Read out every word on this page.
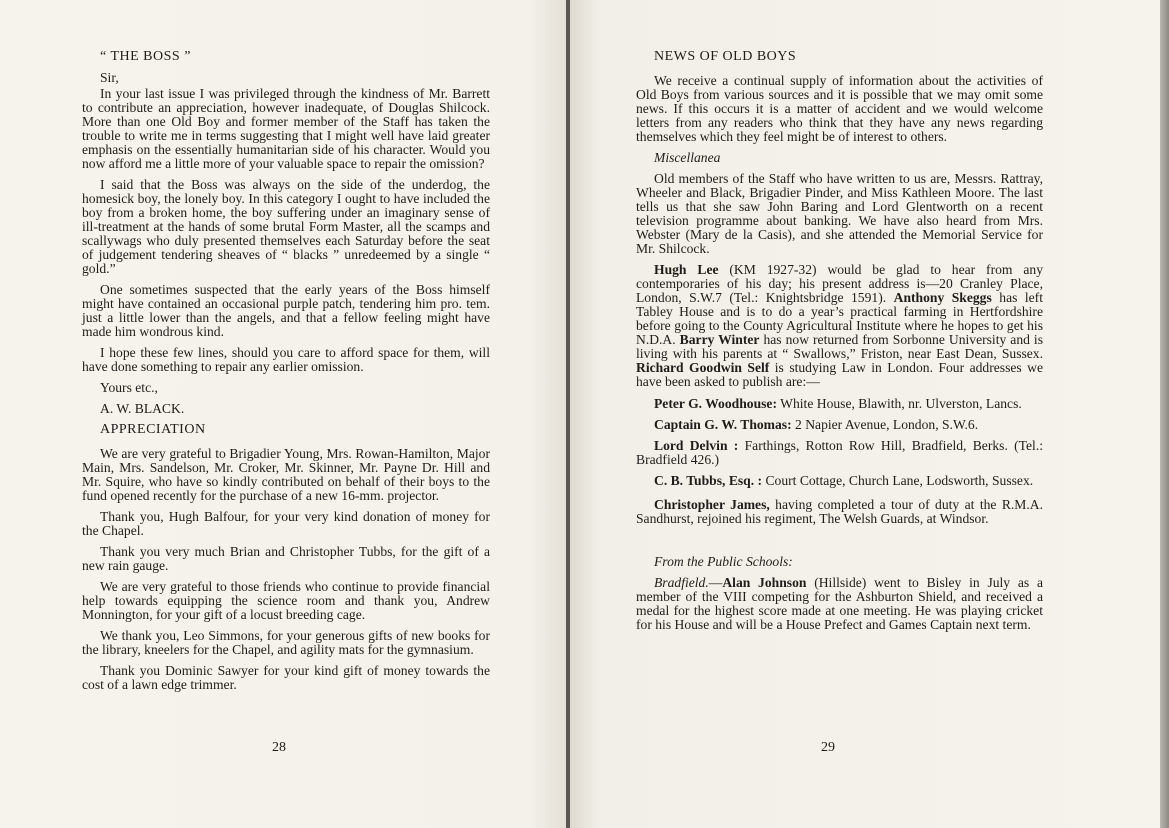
“ THE BOSS ”

Sir,

In your last issue I was privileged through the kindness of Mr. Barrett to contribute an appreciation, however inadequate, of Douglas Shilcock. More than one Old Boy and former member of the Staff has taken the trouble to write me in terms suggesting that I might well have laid greater emphasis on the essentially humanitarian side of his character. Would you now afford me a little more of your valuable space to repair the omission?

I said that the Boss was always on the side of the underdog, the homesick boy, the lonely boy. In this category I ought to have included the boy from a broken home, the boy suffering under an imaginary sense of ill-treatment at the hands of some brutal Form Master, all the scamps and scallywags who duly presented themselves each Saturday before the seat of judgement tendering sheaves of “ blacks ” unredeemed by a single “ gold.”

One sometimes suspected that the early years of the Boss himself might have contained an occasional purple patch, tendering him pro. tem. just a little lower than the angels, and that a fellow feeling might have made him wondrous kind.

I hope these few lines, should you care to afford space for them, will have done something to repair any earlier omission.

Yours etc.,

A. W. BLACK.

APPRECIATION

We are very grateful to Brigadier Young, Mrs. Rowan-Hamilton, Major Main, Mrs. Sandelson, Mr. Croker, Mr. Skinner, Mr. Payne Dr. Hill and Mr. Squire, who have so kindly contributed on behalf of their boys to the fund opened recently for the purchase of a new 16-mm. projector.

Thank you, Hugh Balfour, for your very kind donation of money for the Chapel.

Thank you very much Brian and Christopher Tubbs, for the gift of a new rain gauge.

We are very grateful to those friends who continue to provide financial help towards equipping the science room and thank you, Andrew Monnington, for your gift of a locust breeding cage.

We thank you, Leo Simmons, for your generous gifts of new books for the library, kneelers for the Chapel, and agility mats for the gymnasium.

Thank you Dominic Sawyer for your kind gift of money towards the cost of a lawn edge trimmer.

28

NEWS OF OLD BOYS

We receive a continual supply of information about the activities of Old Boys from various sources and it is possible that we may omit some news. If this occurs it is a matter of accident and we would welcome letters from any readers who think that they have any news regarding themselves which they feel might be of interest to others.

Miscellanea

Old members of the Staff who have written to us are, Messrs. Rattray, Wheeler and Black, Brigadier Pinder, and Miss Kathleen Moore. The last tells us that she saw John Baring and Lord Glentworth on a recent television programme about banking. We have also heard from Mrs. Webster (Mary de la Casis), and she attended the Memorial Service for Mr. Shilcock.

Hugh Lee (KM 1927-32) would be glad to hear from any contemporaries of his day; his present address is—20 Cranley Place, London, S.W.7 (Tel.: Knightsbridge 1591). Anthony Skeggs has left Tabley House and is to do a year’s practical farming in Hertfordshire before going to the County Agricultural Institute where he hopes to get his N.D.A. Barry Winter has now returned from Sorbonne University and is living with his parents at “ Swallows,” Friston, near East Dean, Sussex. Richard Goodwin Self is studying Law in London. Four addresses we have been asked to publish are:—

Peter G. Woodhouse: White House, Blawith, nr. Ulverston, Lancs.

Captain G. W. Thomas: 2 Napier Avenue, London, S.W.6.

Lord Delvin : Farthings, Rotton Row Hill, Bradfield, Berks. (Tel.: Bradfield 426.)

C. B. Tubbs, Esq. : Court Cottage, Church Lane, Lodsworth, Sussex.

Christopher James, having completed a tour of duty at the R.M.A. Sandhurst, rejoined his regiment, The Welsh Guards, at Windsor.

From the Public Schools:

Bradfield.—Alan Johnson (Hillside) went to Bisley in July as a member of the VIII competing for the Ashburton Shield, and received a medal for the highest score made at one meeting. He was playing cricket for his House and will be a House Prefect and Games Captain next term.

29
